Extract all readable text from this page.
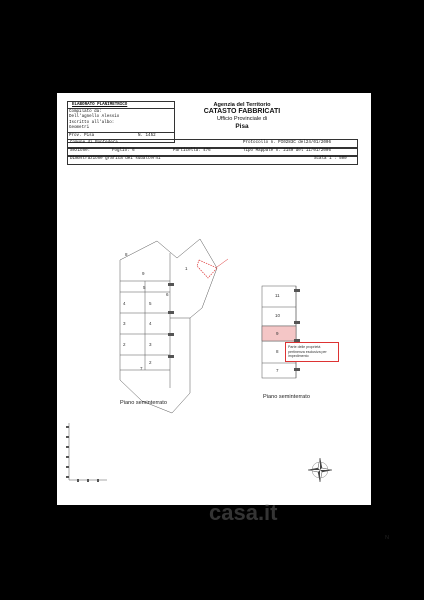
ELABORATO PLANIMETRICO
Compilato da:
Dell'agnello Alessio
Iscritto all'albo:
Geometri
Prov. Pisa	N. 1452
Agenzia del Territorio
CATASTO FABBRICATI
Ufficio Provinciale di
Pisa
Comune di Pontedera	Protocollo n. PI0283C del24/01/2006
Sezione:	Foglio: 6	Particella: 476	Tipo Mappale n. 2149 del 11/01/2006
Dimostrazione grafica dei subalterni	Scala 1 : 500
8
9
5
4
3
2
1
6
5
4
3
2
7
11
10
9
8
7
Parte delle proprietà
pertinenza esclusiva per
impedimento
Piano seminterrato
Piano seminterrato
N
casa.it
